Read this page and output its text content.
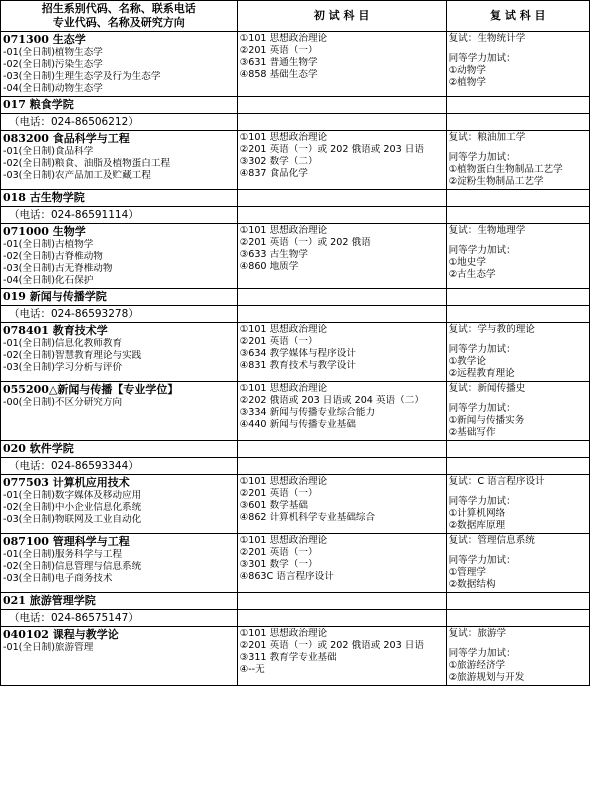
招生系别代码、名称、联系电话
专业代码、名称及研究方向	初 试 科 目	复 试 科 目

071300 生态学
-01(全日制)植物生态学
-02(全日制)污染生态学
-03(全日制)生理生态学及行为生态学
-04(全日制)动物生态学	①101 思想政治理论
②201 英语（一）
③631 普通生物学
④858 基础生态学	复试：生物统计学
同等学力加试：
①动物学
②植物学

017 粮食学院		

（电话：024-86506212）		

083200 食品科学与工程
-01(全日制)食品科学
-02(全日制)粮食、油脂及植物蛋白工程
-03(全日制)农产品加工及贮藏工程	①101 思想政治理论
②201 英语（一）或 202 俄语或 203 日语
③302 数学（二）
④837 食品化学	复试：粮油加工学
同等学力加试：
①植物蛋白生物制品工艺学
②淀粉生物制品工艺学

018 古生物学院		

（电话：024-86591114）		

071000 生物学
-01(全日制)古植物学
-02(全日制)古脊椎动物
-03(全日制)古无脊椎动物
-04(全日制)化石保护	①101 思想政治理论
②201 英语（一）或 202 俄语
③633 古生物学
④860 地质学	复试：生物地理学
同等学力加试：
①地史学
②古生态学

019 新闻与传播学院		

（电话：024-86593278）		

078401 教育技术学
-01(全日制)信息化教师教育
-02(全日制)智慧教育理论与实践
-03(全日制)学习分析与评价	①101 思想政治理论
②201 英语（一）
③634 教学媒体与程序设计
④831 教育技术与教学设计	复试：学与教的理论
同等学力加试：
①教学论
②远程教育理论

055200△新闻与传播【专业学位】
-00(全日制)不区分研究方向	①101 思想政治理论
②202 俄语或 203 日语或 204 英语（二）
③334 新闻与传播专业综合能力
④440 新闻与传播专业基础	复试：新闻传播史
同等学力加试：
①新闻与传播实务
②基础写作

020 软件学院		

（电话：024-86593344）		

077503 计算机应用技术
-01(全日制)数字媒体及移动应用
-02(全日制)中小企业信息化系统
-03(全日制)物联网及工业自动化	①101 思想政治理论
②201 英语（一）
③601 数学基础
④862 计算机科学专业基础综合	复试：C 语言程序设计
同等学力加试：
①计算机网络
②数据库原理

087100 管理科学与工程
-01(全日制)服务科学与工程
-02(全日制)信息管理与信息系统
-03(全日制)电子商务技术	①101 思想政治理论
②201 英语（一）
③301 数学（一）
④863C 语言程序设计	复试：管理信息系统
同等学力加试：
①管理学
②数据结构

021 旅游管理学院		

（电话：024-86575147）		

040102 课程与教学论
-01(全日制)旅游管理	①101 思想政治理论
②201 英语（一）或 202 俄语或 203 日语
③311 教育学专业基础
④--无	复试：旅游学
同等学力加试：
①旅游经济学
②旅游规划与开发
